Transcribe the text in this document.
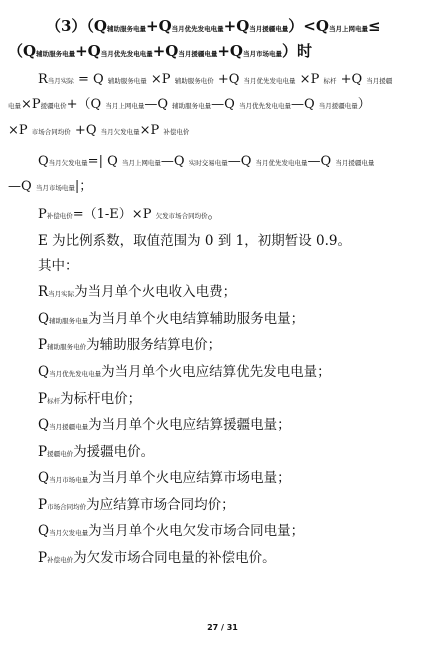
（3）（Q辅助服务电量+Q当月优先发电电量+Q当月援疆电量）<Q当月上网电量≤
（Q辅助服务电量+Q当月优先发电电量+Q当月援疆电量+Q当月市场电量）时
R当月实际 = Q 辅助服务电量 ×P 辅助服务电价 +Q 当月优先发电电量 ×P 标杆 +Q 当月援疆
电量×P援疆电价+（Q 当月上网电量—Q 辅助服务电量—Q 当月优先发电电量—Q 当月援疆电量）
×P 市场合同均价 +Q 当月欠发电量×P 补偿电价
Q当月欠发电量=| Q 当月上网电量—Q 实时交易电量—Q 当月优先发电电量—Q 当月援疆电量
—Q 当月市场电量|；
P补偿电价=（1-E）×P 欠发市场合同均价。
E 为比例系数，取值范围为 0 到 1，初期暂设 0.9。
其中：
R当月实际为当月单个火电收入电费；
Q辅助服务电量为当月单个火电结算辅助服务电量；
P辅助服务电价为辅助服务结算电价；
Q当月优先发电电量为当月单个火电应结算优先发电电量；
P标杆为标杆电价；
Q当月援疆电量为当月单个火电应结算援疆电量；
P援疆电价为援疆电价。
Q当月市场电量为当月单个火电应结算市场电量；
P市场合同均价为应结算市场合同均价；
Q当月欠发电量为当月单个火电欠发市场合同电量；
P补偿电价为欠发市场合同电量的补偿电价。
27 / 31
